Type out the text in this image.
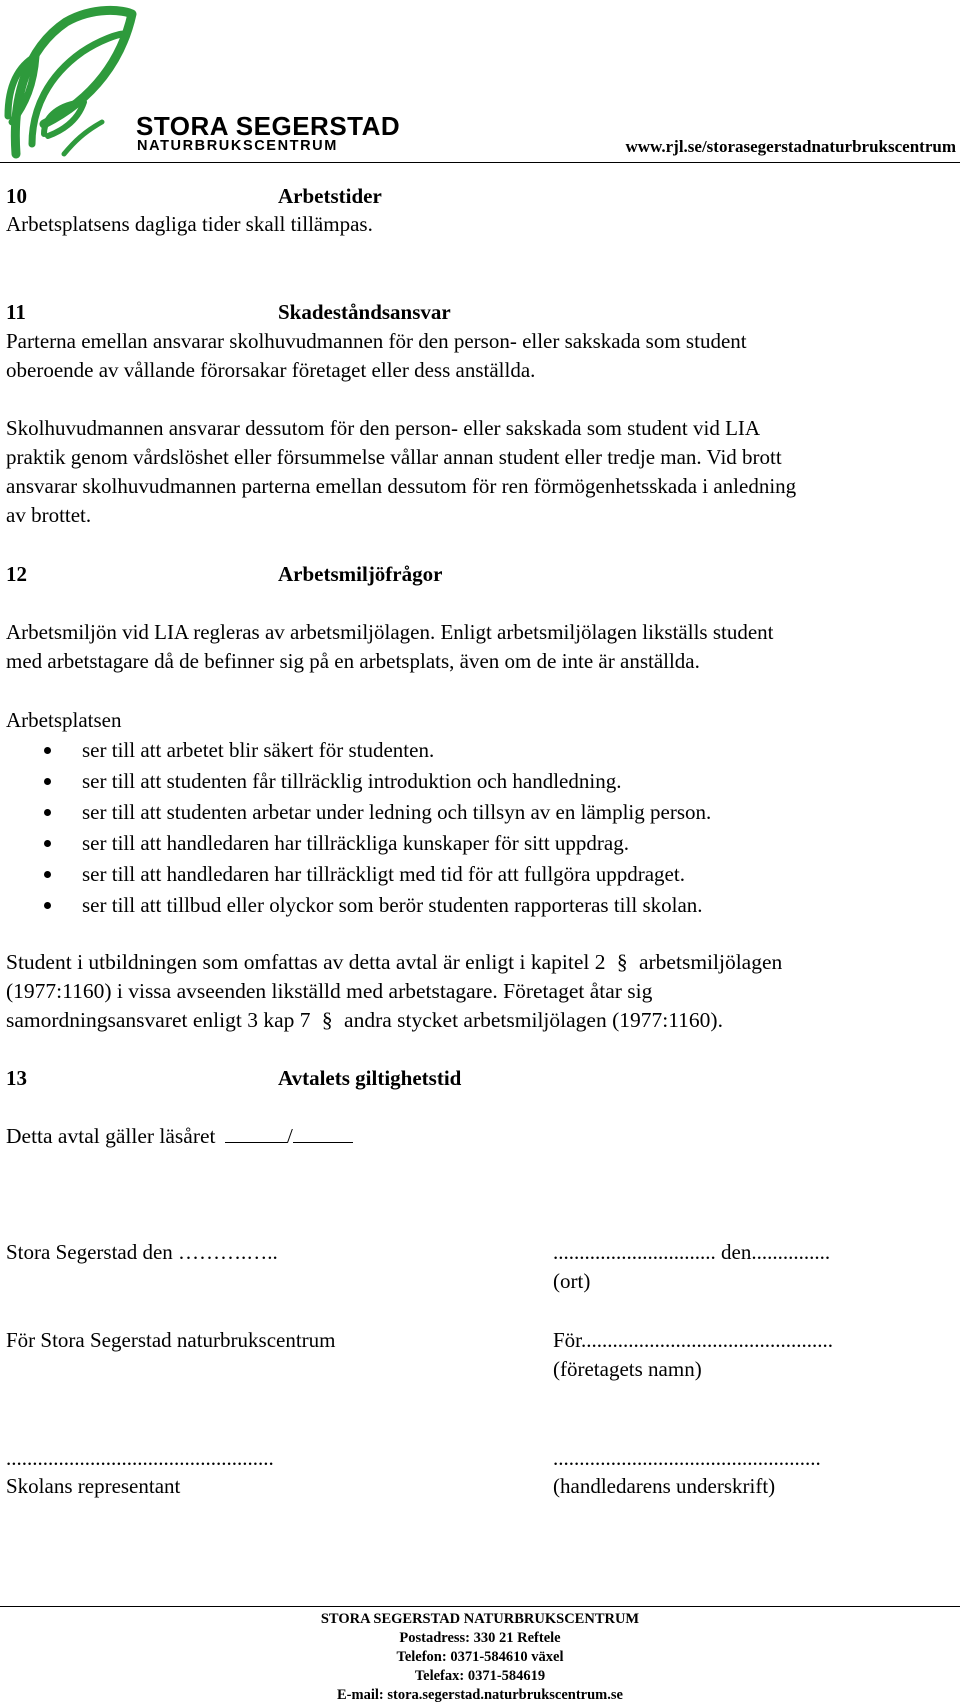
STORA SEGERSTAD
NATURBRUKSCENTRUM	www.rjl.se/storasegerstadnaturbrukscentrum
10	Arbetstider
Arbetsplatsens dagliga tider skall tillämpas.
11	Skadeståndsansvar
Parterna emellan ansvarar skolhuvudmannen för den person- eller sakskada som student
oberoende av vållande förorsakar företaget eller dess anställda.
Skolhuvudmannen ansvarar dessutom för den person- eller sakskada som student vid LIA
praktik genom vårdslöshet eller försummelse vållar annan student eller tredje man. Vid brott
ansvarar skolhuvudmannen parterna emellan dessutom för ren förmögenhetsskada i anledning
av brottet.
12	Arbetsmiljöfrågor
Arbetsmiljön vid LIA regleras av arbetsmiljölagen. Enligt arbetsmiljölagen likställs student
med arbetstagare då de befinner sig på en arbetsplats, även om de inte är anställda.
Arbetsplatsen
ser till att arbetet blir säkert för studenten.
ser till att studenten får tillräcklig introduktion och handledning.
ser till att studenten arbetar under ledning och tillsyn av en lämplig person.
ser till att handledaren har tillräckliga kunskaper för sitt uppdrag.
ser till att handledaren har tillräckligt med tid för att fullgöra uppdraget.
ser till att tillbud eller olyckor som berör studenten rapporteras till skolan.
Student i utbildningen som omfattas av detta avtal är enligt i kapitel 2 § arbetsmiljölagen
(1977:1160) i vissa avseenden likställd med arbetstagare. Företaget åtar sig
samordningsansvaret enligt 3 kap 7 § andra stycket arbetsmiljölagen (1977:1160).
13	Avtalets giltighetstid
Detta avtal gäller läsåret	/
Stora Segerstad den ……….…..	............................... den...............
(ort)
För Stora Segerstad naturbrukscentrum	För................................................
(företagets namn)
...................................................	...................................................
Skolans representant	(handledarens underskrift)
STORA SEGERSTAD NATURBRUKSCENTRUM
Postadress: 330 21 Reftele
Telefon: 0371-584610 växel
Telefax: 0371-584619
E-mail: stora.segerstad.naturbrukscentrum.se
